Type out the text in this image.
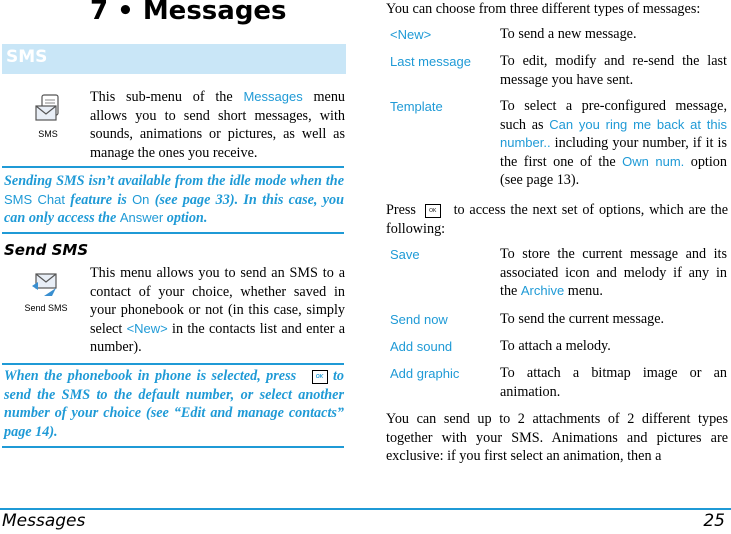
7 • Messages
SMS
SMS
This sub-menu of the Messages menu allows you to send short messages, with sounds, animations or pictures, as well as manage the ones you receive.
Sending SMS isn’t available from the idle mode when the SMS Chat feature is On (see page 33). In this case, you can only access the Answer option.
Send SMS
Send SMS
This menu allows you to send an SMS to a contact of your choice, whether saved in your phonebook or not (in this case, simply select <New> in the contacts list and enter a number).
When the phonebook in phone is selected, press	OK to send the SMS to the default number, or select another number of your choice (see “Edit and manage contacts” page 14).
You can choose from three different types of messages:
<New>	To send a new message.
Last message To edit, modify and re-send the last message you have sent.
Template	To select a pre-configured message, such as Can you ring me back at this number.. including your number, if it is the first one of the Own num. option (see page 13).
Press	OK to access the next set of options, which are the following:
Save	To store the current message and its associated icon and melody if any in the Archive menu.
Send now	To send the current message.
Add sound	To attach a melody.
Add graphic	To attach a bitmap image or an animation.
You can send up to 2 attachments of 2 different types together with your SMS. Animations and pictures are exclusive: if you first select an animation, then a
Messages	25
